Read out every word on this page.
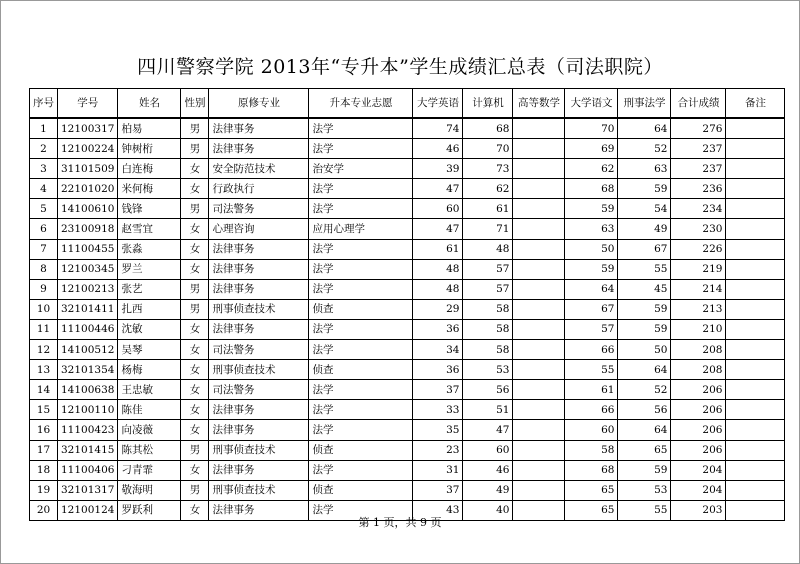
四川警察学院 2013年“专升本”学生成绩汇总表（司法职院）
序号	学号	姓名	性别	原修专业	升本专业志愿	大学英语	计算机	高等数学	大学语文	刑事法学	合计成绩	备注
1	12100317	柏易	男	法律事务	法学	74	68		70	64	276	
2	12100224	钟树桁	男	法律事务	法学	46	70		69	52	237	
3	31101509	白连梅	女	安全防范技术	治安学	39	73		62	63	237	
4	22101020	米何梅	女	行政执行	法学	47	62		68	59	236	
5	14100610	钱锋	男	司法警务	法学	60	61		59	54	234	
6	23100918	赵雪宜	女	心理咨询	应用心理学	47	71		63	49	230	
7	11100455	张淼	女	法律事务	法学	61	48		50	67	226	
8	12100345	罗兰	女	法律事务	法学	48	57		59	55	219	
9	12100213	张艺	男	法律事务	法学	48	57		64	45	214	
10	32101411	扎西	男	刑事侦查技术	侦查	29	58		67	59	213	
11	11100446	沈敏	女	法律事务	法学	36	58		57	59	210	
12	14100512	吴琴	女	司法警务	法学	34	58		66	50	208	
13	32101354	杨梅	女	刑事侦查技术	侦查	36	53		55	64	208	
14	14100638	王忠敏	女	司法警务	法学	37	56		61	52	206	
15	12100110	陈佳	女	法律事务	法学	33	51		66	56	206	
16	11100423	向凌薇	女	法律事务	法学	35	47		60	64	206	
17	32101415	陈其松	男	刑事侦查技术	侦查	23	60		58	65	206	
18	11100406	刁青霏	女	法律事务	法学	31	46		68	59	204	
19	32101317	敬海明	男	刑事侦查技术	侦查	37	49		65	53	204	
20	12100124	罗跃利	女	法律事务	法学	43	40		65	55	203	
第 1 页，共 9 页
